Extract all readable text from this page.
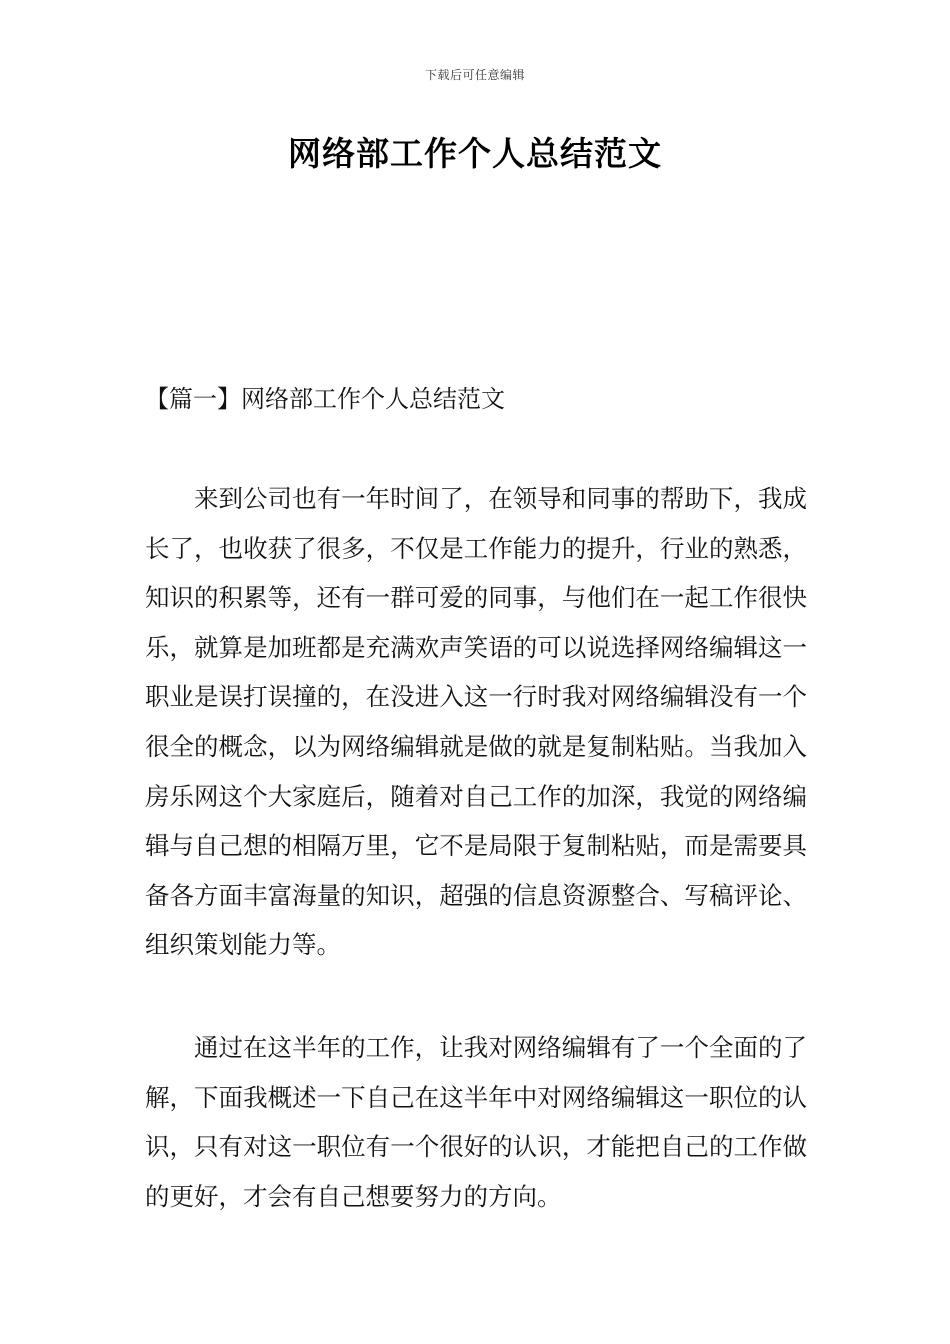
下载后可任意编辑
网络部工作个人总结范文
【篇一】网络部工作个人总结范文

来到公司也有一年时间了，在领导和同事的帮助下，我成长了，也收获了很多，不仅是工作能力的提升，行业的熟悉，知识的积累等，还有一群可爱的同事，与他们在一起工作很快乐，就算是加班都是充满欢声笑语的可以说选择网络编辑这一职业是误打误撞的，在没进入这一行时我对网络编辑没有一个很全的概念，以为网络编辑就是做的就是复制粘贴。当我加入房乐网这个大家庭后，随着对自己工作的加深，我觉的网络编辑与自己想的相隔万里，它不是局限于复制粘贴，而是需要具备各方面丰富海量的知识，超强的信息资源整合、写稿评论、组织策划能力等。

通过在这半年的工作，让我对网络编辑有了一个全面的了解，下面我概述一下自己在这半年中对网络编辑这一职位的认识，只有对这一职位有一个很好的认识，才能把自己的工作做的更好，才会有自己想要努力的方向。
